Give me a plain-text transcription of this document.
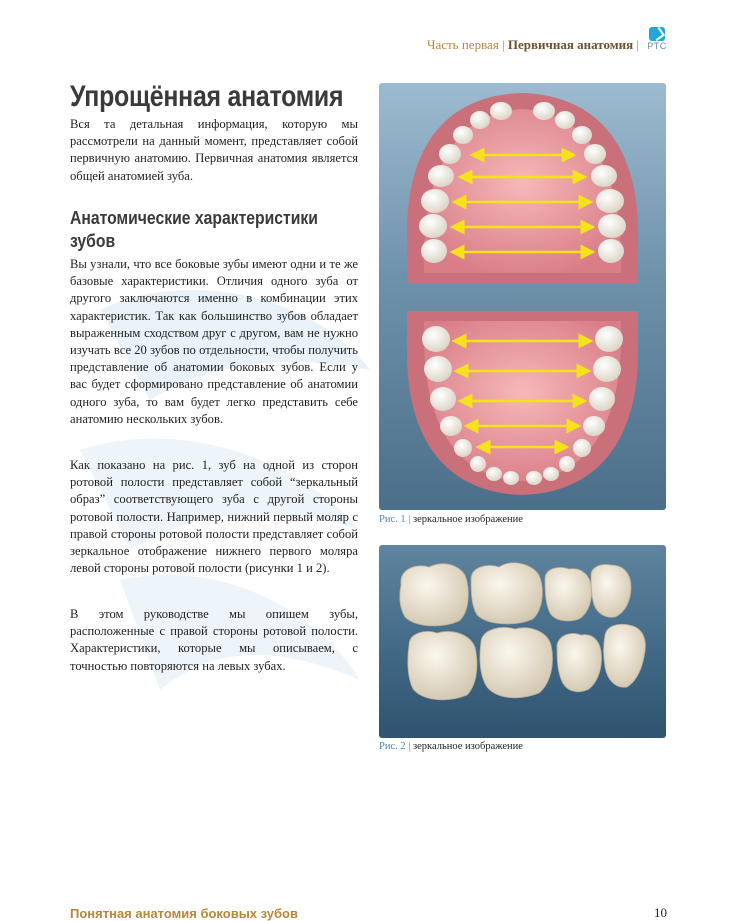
Часть первая | Первичная анатомия | PTC
Упрощённая анатомия
Вся та детальная информация, которую мы рассмотрели на данный момент, представляет собой первичную анатомию. Первичная анатомия является общей анатомией зуба.
Анатомические характеристики зубов
Вы узнали, что все боковые зубы имеют одни и те же базовые характеристики. Отличия одного зуба от другого заключаются именно в комбинации этих характеристик. Так как большинство зубов обладает выраженным сходством друг с другом, вам не нужно изучать все 20 зубов по отдельности, чтобы получить представление об анатомии боковых зубов. Если у вас будет сформировано представление об анатомии одного зуба, то вам будет легко представить себе анатомию нескольких зубов.
Как показано на рис. 1, зуб на одной из сторон ротовой полости представляет собой “зеркальный образ” соответствующего зуба с другой стороны ротовой полости. Например, нижний первый моляр с правой стороны ротовой полости представляет собой зеркальное отображение нижнего первого моляра левой стороны ротовой полости (рисунки 1 и 2).
В этом руководстве мы опишем зубы, расположенные с правой стороны ротовой полости. Характеристики, которые мы описываем, с точностью повторяются на левых зубах.
Рис. 1 | зеркальное изображение
Рис. 2 | зеркальное изображение
Понятная анатомия боковых зубов	10
